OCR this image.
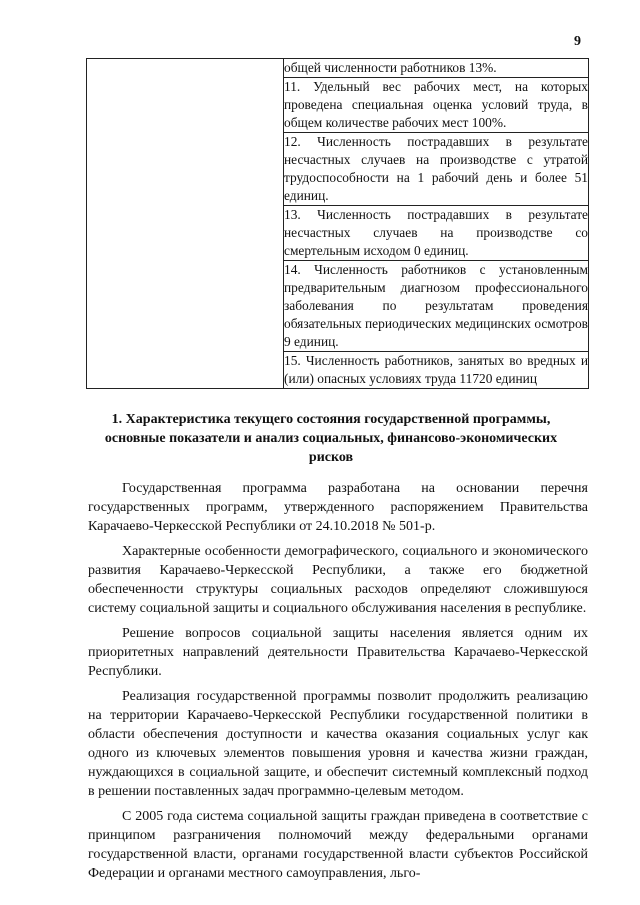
9

общей численности работников 13%.

11. Удельный вес рабочих мест, на которых проведена специальная оценка условий труда, в общем количестве рабочих мест 100%.

12. Численность пострадавших в результате несчастных случаев на производстве с утратой трудоспособности на 1 рабочий день и более 51 единиц.

13. Численность пострадавших в результате несчастных случаев на производстве со смертельным исходом 0 единиц.

14. Численность работников с установленным предварительным диагнозом профессионального заболевания по результатам проведения обязательных периодических медицинских осмотров 9 единиц.

15. Численность работников, занятых во вредных и (или) опасных условиях труда 11720 единиц
1. Характеристика текущего состояния государственной программы, основные показатели и анализ социальных, финансово-экономических рисков

Государственная программа разработана на основании перечня государственных программ, утвержденного распоряжением Правительства Карачаево-Черкесской Республики от 24.10.2018 № 501-р.

Характерные особенности демографического, социального и экономического развития Карачаево-Черкесской Республики, а также его бюджетной обеспеченности структуры социальных расходов определяют сложившуюся систему социальной защиты и социального обслуживания населения в республике.

Решение вопросов социальной защиты населения является одним их приоритетных направлений деятельности Правительства Карачаево-Черкесской Республики.

Реализация государственной программы позволит продолжить реализацию на территории Карачаево-Черкесской Республики государственной политики в области обеспечения доступности и качества оказания социальных услуг как одного из ключевых элементов повышения уровня и качества жизни граждан, нуждающихся в социальной защите, и обеспечит системный комплексный подход в решении поставленных задач программно-целевым методом.

С 2005 года система социальной защиты граждан приведена в соответствие с принципом разграничения полномочий между федеральными органами государственной власти, органами государственной власти субъектов Российской Федерации и органами местного самоуправления, льго-
